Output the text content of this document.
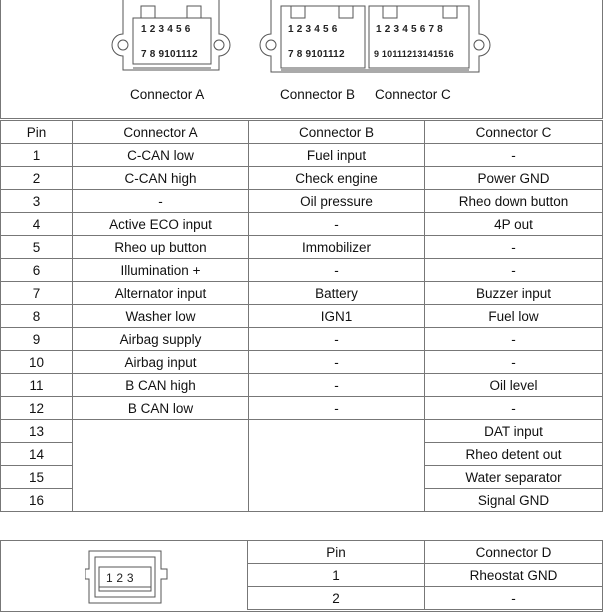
1 2 3 4 5 6
7 8 9101112
Connector A
1 2 3 4 5 6
7 8 9101112
1 2 3 4 5 6 7 8
9 10111213141516
Connector B Connector C
Pin	Connector A	Connector B	Connector C
1	C-CAN low	Fuel input	-
2	C-CAN high	Check engine	Power GND
3	-	Oil pressure	Rheo down button
4	Active ECO input	-	4P out
5	Rheo up button	Immobilizer	-
6	Illumination +	-	-
7	Alternator input	Battery	Buzzer input
8	Washer low	IGN1	Fuel low
9	Airbag supply	-	-
10	Airbag input	-	-
11	B CAN high	-	Oil level
12	B CAN low	-	-
13			DAT input
14			Rheo detent out
15			Water separator
16			Signal GND
1 2 3
Pin	Connector D
1	Rheostat GND
2	-
